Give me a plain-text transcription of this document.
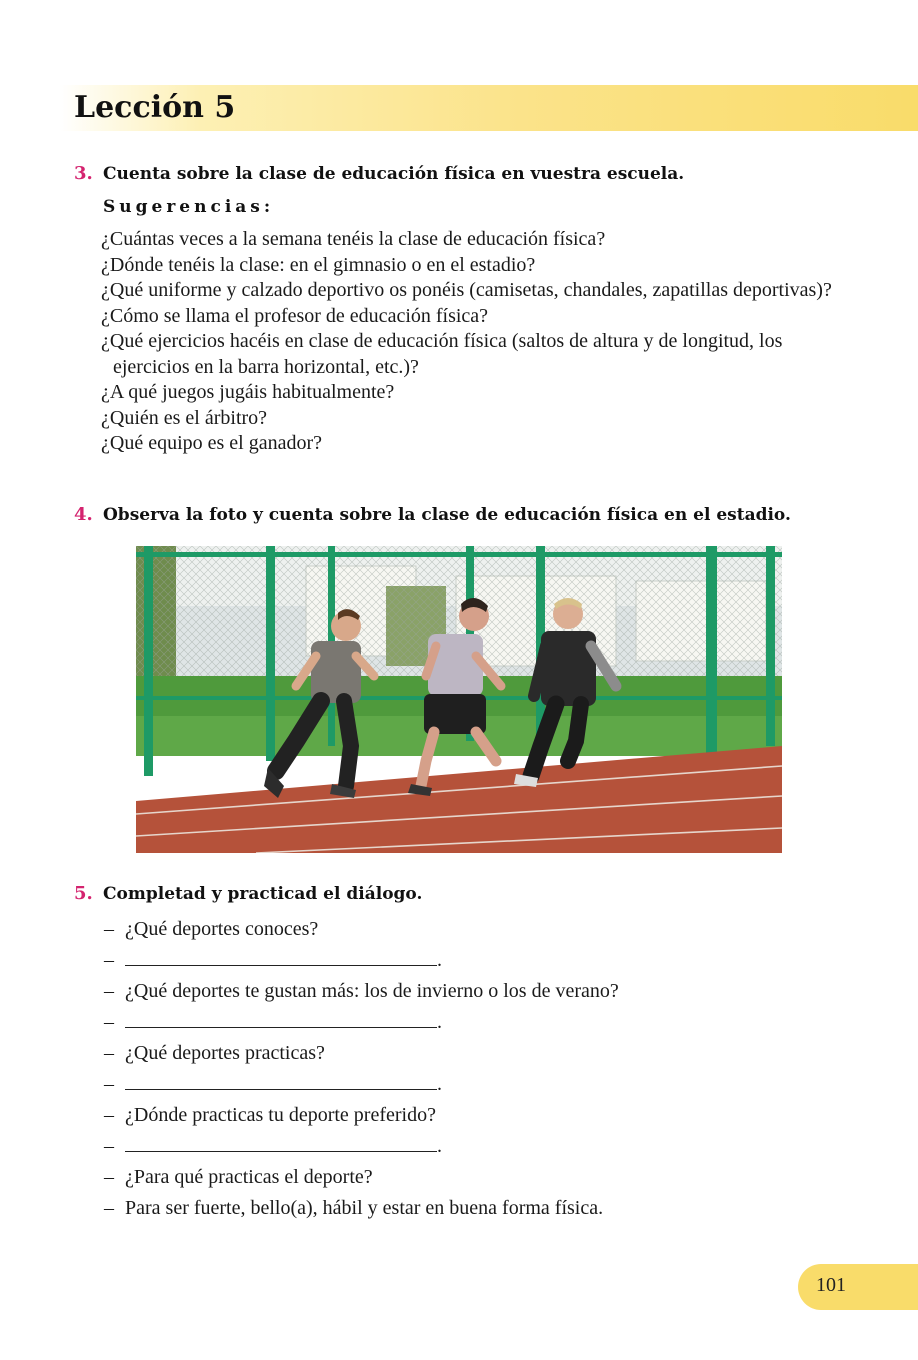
Lección 5
3. Cuenta sobre la clase de educación física en vuestra escuela.
Sugerencias:
¿Cuántas veces a la semana tenéis la clase de educación física?
¿Dónde tenéis la clase: en el gimnasio o en el estadio?
¿Qué uniforme y calzado deportivo os ponéis (camisetas, chandales, zapatillas deportivas)?
¿Cómo se llama el profesor de educación física?
¿Qué ejercicios hacéis en clase de educación física (saltos de altura y de longitud, los ejercicios en la barra horizontal, etc.)?
¿A qué juegos jugáis habitualmente?
¿Quién es el árbitro?
¿Qué equipo es el ganador?
4. Observa la foto y cuenta sobre la clase de educación física en el estadio.
5. Completad y practicad el diálogo.
– ¿Qué deportes conoces?
–	.
– ¿Qué deportes te gustan más: los de invierno o los de verano?
–	.
– ¿Qué deportes practicas?
–	.
– ¿Dónde practicas tu deporte preferido?
–	.
– ¿Para qué practicas el deporte?
– Para ser fuerte, bello(a), hábil y estar en buena forma física.
101
